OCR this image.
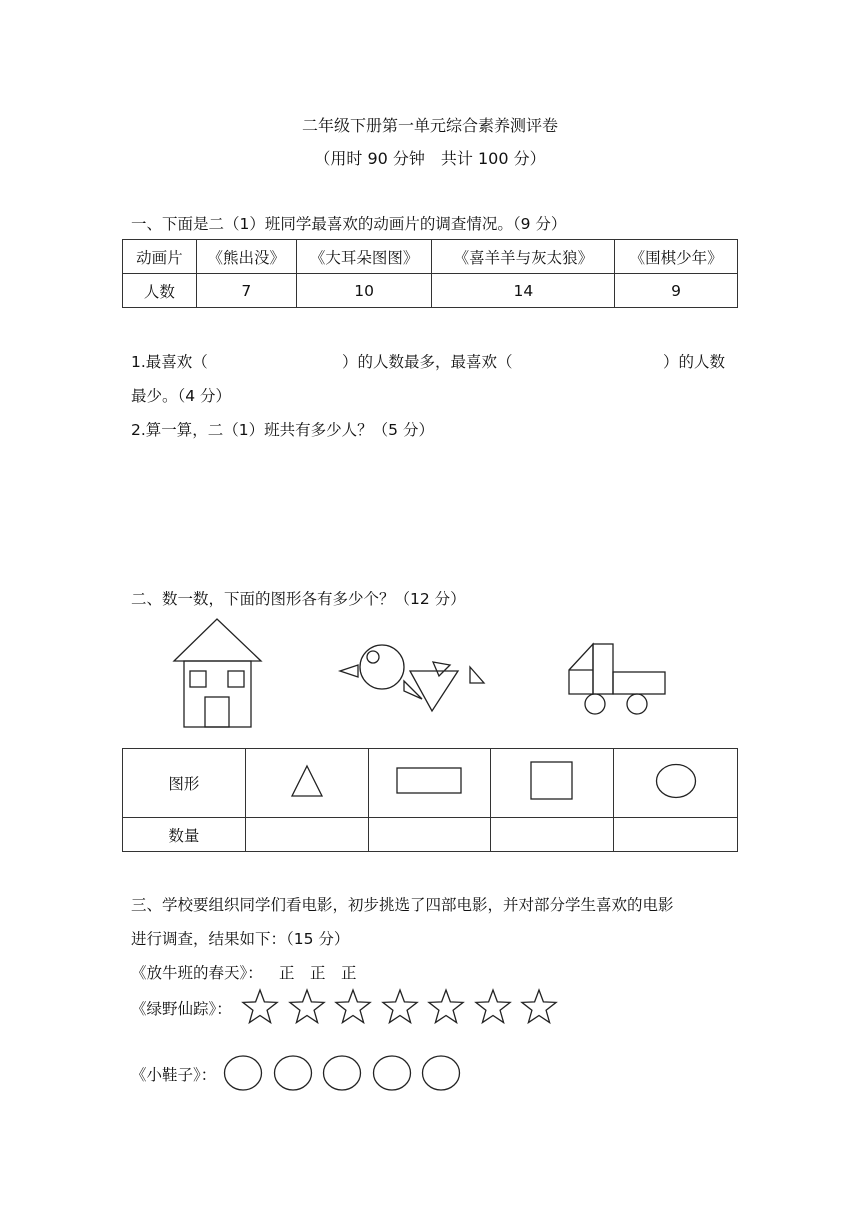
二年级下册第一单元综合素养测评卷
（用时 90 分钟　共计 100 分）
一、下面是二（1）班同学最喜欢的动画片的调查情况。（9 分）
动画片	《熊出没》	《大耳朵图图》	《喜羊羊与灰太狼》	《围棋少年》
人数	7	10	14	9
1.最喜欢（	）的人数最多，最喜欢（	）的人数
最少。（4 分）
2.算一算，二（1）班共有多少人？（5 分）
二、数一数，下面的图形各有多少个？（12 分）
图形				
数量				
三、学校要组织同学们看电影，初步挑选了四部电影，并对部分学生喜欢的电影
进行调查，结果如下：（15 分）
《放牛班的春天》： 正　正　正
《绿野仙踪》：
《小鞋子》：
